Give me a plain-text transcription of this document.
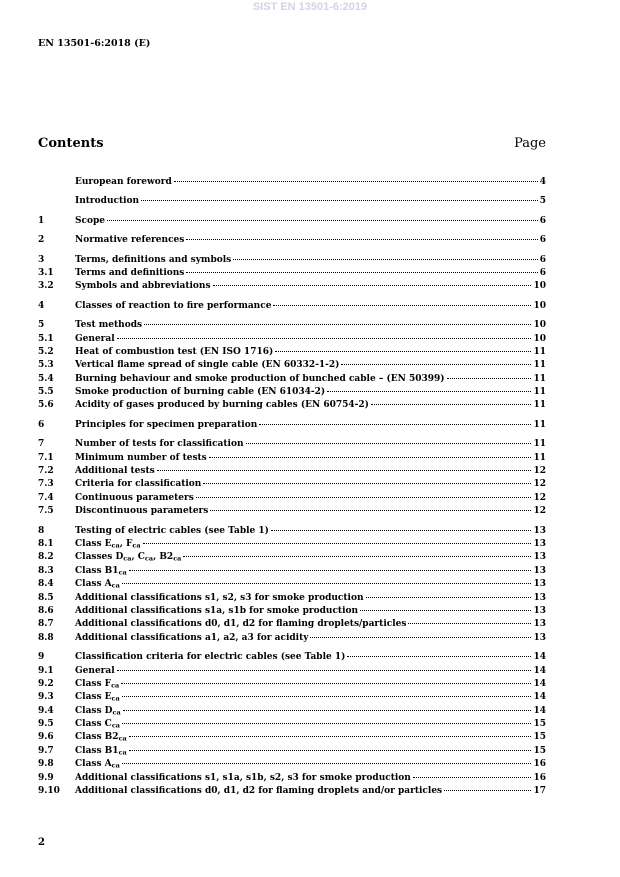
SIST EN 13501-6:2019
EN 13501-6:2018 (E)
Contents	Page
European foreword	4
Introduction	5
1	Scope	6
2	Normative references	6
3	Terms, definitions and symbols	6
3.1	Terms and definitions	6
3.2	Symbols and abbreviations	10
4	Classes of reaction to fire performance	10
5	Test methods	10
5.1	General	10
5.2	Heat of combustion test (EN ISO 1716)	11
5.3	Vertical flame spread of single cable (EN 60332-1-2)	11
5.4	Burning behaviour and smoke production of bunched cable – (EN 50399)	11
5.5	Smoke production of burning cable (EN 61034-2)	11
5.6	Acidity of gases produced by burning cables (EN 60754-2)	11
6	Principles for specimen preparation	11
7	Number of tests for classification	11
7.1	Minimum number of tests	11
7.2	Additional tests	12
7.3	Criteria for classification	12
7.4	Continuous parameters	12
7.5	Discontinuous parameters	12
8	Testing of electric cables (see Table 1)	13
8.1	Class $E_{ca}$, $F_{ca}$	13
8.2	Classes $D_{ca}$, $C_{ca}$, $B2_{ca}$	13
8.3	Class $B1_{ca}$	13
8.4	Class $A_{ca}$	13
8.5	Additional classifications s1, s2, s3 for smoke production	13
8.6	Additional classifications s1a, s1b for smoke production	13
8.7	Additional classifications d0, d1, d2 for flaming droplets/particles	13
8.8	Additional classifications a1, a2, a3 for acidity	13
9	Classification criteria for electric cables (see Table 1)	14
9.1	General	14
9.2	Class $F_{ca}$	14
9.3	Class $E_{ca}$	14
9.4	Class $D_{ca}$	14
9.5	Class $C_{ca}$	15
9.6	Class $B2_{ca}$	15
9.7	Class $B1_{ca}$	15
9.8	Class $A_{ca}$	16
9.9	Additional classifications s1, s1a, s1b, s2, s3 for smoke production	16
9.10	Additional classifications d0, d1, d2 for flaming droplets and/or particles	17
2
